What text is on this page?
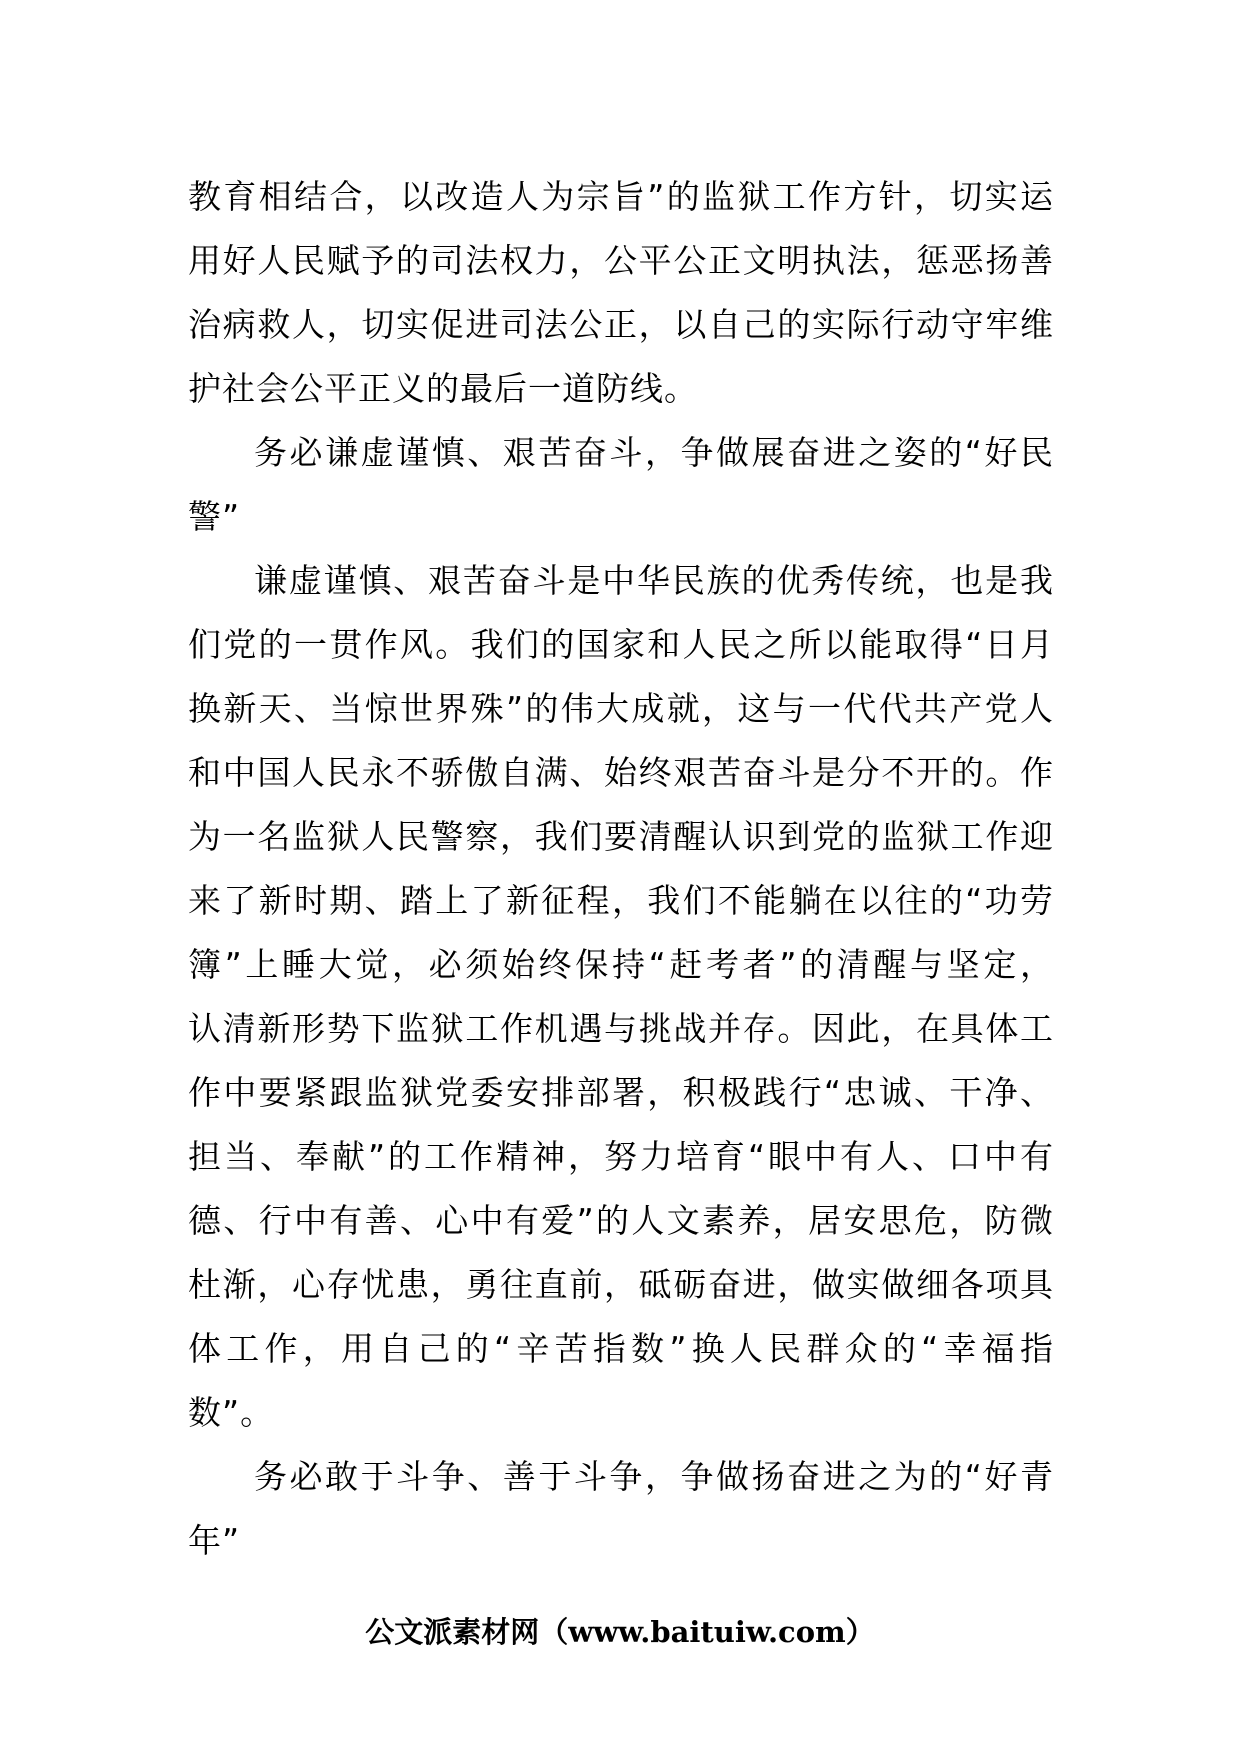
教育相结合，以改造人为宗旨”的监狱工作方针，切实运
用好人民赋予的司法权力，公平公正文明执法，惩恶扬善
治病救人，切实促进司法公正，以自己的实际行动守牢维
护社会公平正义的最后一道防线。
务必谦虚谨慎、艰苦奋斗，争做展奋进之姿的“好民
警”
谦虚谨慎、艰苦奋斗是中华民族的优秀传统，也是我
们党的一贯作风。我们的国家和人民之所以能取得“日月
换新天、当惊世界殊”的伟大成就，这与一代代共产党人
和中国人民永不骄傲自满、始终艰苦奋斗是分不开的。作
为一名监狱人民警察，我们要清醒认识到党的监狱工作迎
来了新时期、踏上了新征程，我们不能躺在以往的“功劳
簿”上睡大觉，必须始终保持“赶考者”的清醒与坚定，
认清新形势下监狱工作机遇与挑战并存。因此，在具体工
作中要紧跟监狱党委安排部署，积极践行“忠诚、干净、
担当、奉献”的工作精神，努力培育“眼中有人、口中有
德、行中有善、心中有爱”的人文素养，居安思危，防微
杜渐，心存忧患，勇往直前，砥砺奋进，做实做细各项具
体工作，用自己的“辛苦指数”换人民群众的“幸福指
数”。
务必敢于斗争、善于斗争，争做扬奋进之为的“好青
年”
公文派素材网（www.baituiw.com）
